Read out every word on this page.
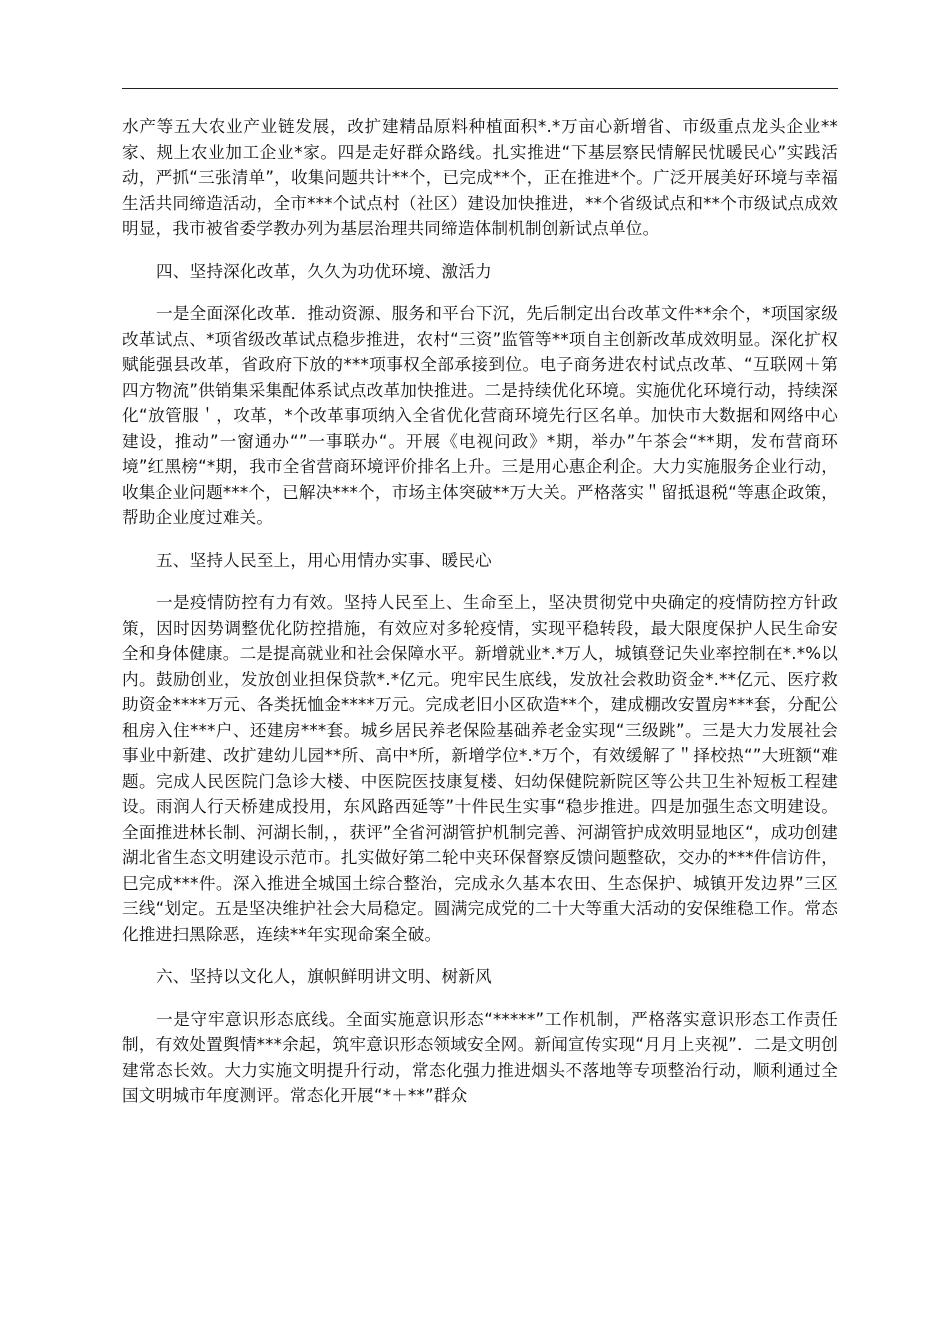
水产等五大农业产业链发展，改扩建精品原料种植面积*.*万亩心新增省、市级重点龙头企业**家、规上农业加工企业*家。四是走好群众路线。扎实推进“下基层察民情解民忧暖民心”实践活动，严抓“三张清单”，收集问题共计**个，已完成**个，正在推进*个。广泛开展美好环境与幸福生活共同缔造活动，全市***个试点村（社区）建设加快推进，**个省级试点和**个市级试点成效明显，我市被省委学教办列为基层治理共同缔造体制机制创新试点单位。

四、坚持深化改革，久久为功优环境、激活力

一是全面深化改革．推动资源、服务和平台下沉，先后制定出台改革文件**余个，*项国家级改革试点、*项省级改革试点稳步推进，农村“三资”监管等**项自主创新改革成效明显。深化扩权赋能强县改革，省政府下放的***项事权全部承接到位。电子商务进农村试点改革、“互联网＋第四方物流”供销集采集配体系试点改革加快推进。二是持续优化环境。实施优化环境行动，持续深化“放管服＇，攻革，*个改革事项纳入全省优化营商环境先行区名单。加快市大数据和网络中心建设，推动”一窗通办“”一事联办“。开展《电视问政》*期，举办”午茶会“**期，发布营商环境”红黑榜“*期，我市全省营商环境评价排名上升。三是用心惠企利企。大力实施服务企业行动，收集企业问题***个，已解决***个，市场主体突破**万大关。严格落实＂留抵退税“等惠企政策，帮助企业度过难关。

五、坚持人民至上，用心用情办实事、暖民心

一是疫情防控有力有效。坚持人民至上、生命至上，坚决贯彻党中央确定的疫情防控方针政策，因时因势调整优化防控措施，有效应对多轮疫情，实现平稳转段，最大限度保护人民生命安全和身体健康。二是提高就业和社会保障水平。新增就业*.*万人，城镇登记失业率控制在*.*%以内。鼓励创业，发放创业担保贷款*.*亿元。兜牢民生底线，发放社会救助资金*.**亿元、医疗救助资金****万元、各类抚恤金****万元。完成老旧小区砍造**个，建成棚改安置房***套，分配公租房入住***户、还建房***套。城乡居民养老保险基础养老金实现“三级跳”。三是大力发展社会事业中新建、改扩建幼儿园**所、高中*所，新增学位*.*万个，有效缓解了＂择校热“”大班额“难题。完成人民医院门急诊大楼、中医院医技康复楼、妇幼保健院新院区等公共卫生补短板工程建设。雨润人行天桥建成投用，东风路西延等”十件民生实事“稳步推进。四是加强生态文明建设。全面推进林长制、河湖长制，，获评”全省河湖管护机制完善、河湖管护成效明显地区“，成功创建湖北省生态文明建设示范市。扎实做好第二轮中夹环保督察反馈问题整砍，交办的***件信访件，巳完成***件。深入推进全城国土综合整治，完成永久基本农田、生态保护、城镇开发边界”三区三线“划定。五是坚决维护社会大局稳定。圆满完成党的二十大等重大活动的安保维稳工作。常态化推进扫黑除恶，连续**年实现命案全破。

六、坚持以文化人，旗帜鲜明讲文明、树新风

一是守牢意识形态底线。全面实施意识形态“*****”工作机制，严格落实意识形态工作责任制，有效处置舆情***余起，筑牢意识形态领域安全网。新闻宣传实现“月月上夹视”．二是文明创建常态长效。大力实施文明提升行动，常态化强力推进烟头不落地等专项整治行动，顺利通过全国文明城市年度测评。常态化开展“*＋**”群众
